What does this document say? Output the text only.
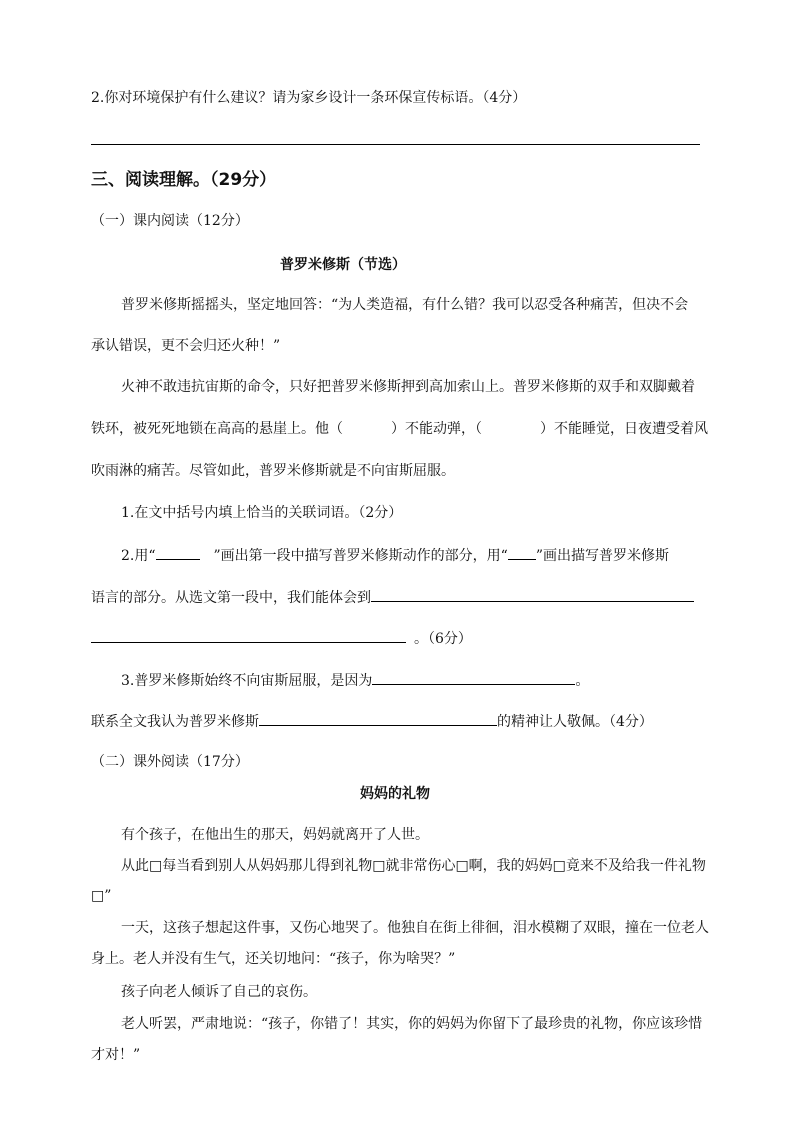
2.你对环境保护有什么建议？请为家乡设计一条环保宣传标语。（4分）
三、阅读理解。（29分）
（一）课内阅读（12分）
普罗米修斯（节选）
普罗米修斯摇摇头，坚定地回答：“为人类造福，有什么错？我可以忍受各种痛苦，但决不会
承认错误，更不会归还火种！”
火神不敢违抗宙斯的命令，只好把普罗米修斯押到高加索山上。普罗米修斯的双手和双脚戴着
铁环，被死死地锁在高高的悬崖上。他（	）不能动弹，（	）不能睡觉，日夜遭受着风
吹雨淋的痛苦。尽管如此，普罗米修斯就是不向宙斯屈服。
1.在文中括号内填上恰当的关联词语。（2分）
2.用“	”画出第一段中描写普罗米修斯动作的部分，用“ ”画出描写普罗米修斯
语言的部分。从选文第一段中，我们能体会到
。（6分）
3.普罗米修斯始终不向宙斯屈服，是因为	。
联系全文我认为普罗米修斯	的精神让人敬佩。（4分）
（二）课外阅读（17分）
妈妈的礼物
有个孩子，在他出生的那天，妈妈就离开了人世。
从此□每当看到别人从妈妈那儿得到礼物□就非常伤心□啊，我的妈妈□竟来不及给我一件礼物
□”
一天，这孩子想起这件事，又伤心地哭了。他独自在街上徘徊，泪水模糊了双眼，撞在一位老人
身上。老人并没有生气，还关切地问：“孩子，你为啥哭？”
孩子向老人倾诉了自己的哀伤。
老人听罢，严肃地说：“孩子，你错了！其实，你的妈妈为你留下了最珍贵的礼物，你应该珍惜
才对！”
